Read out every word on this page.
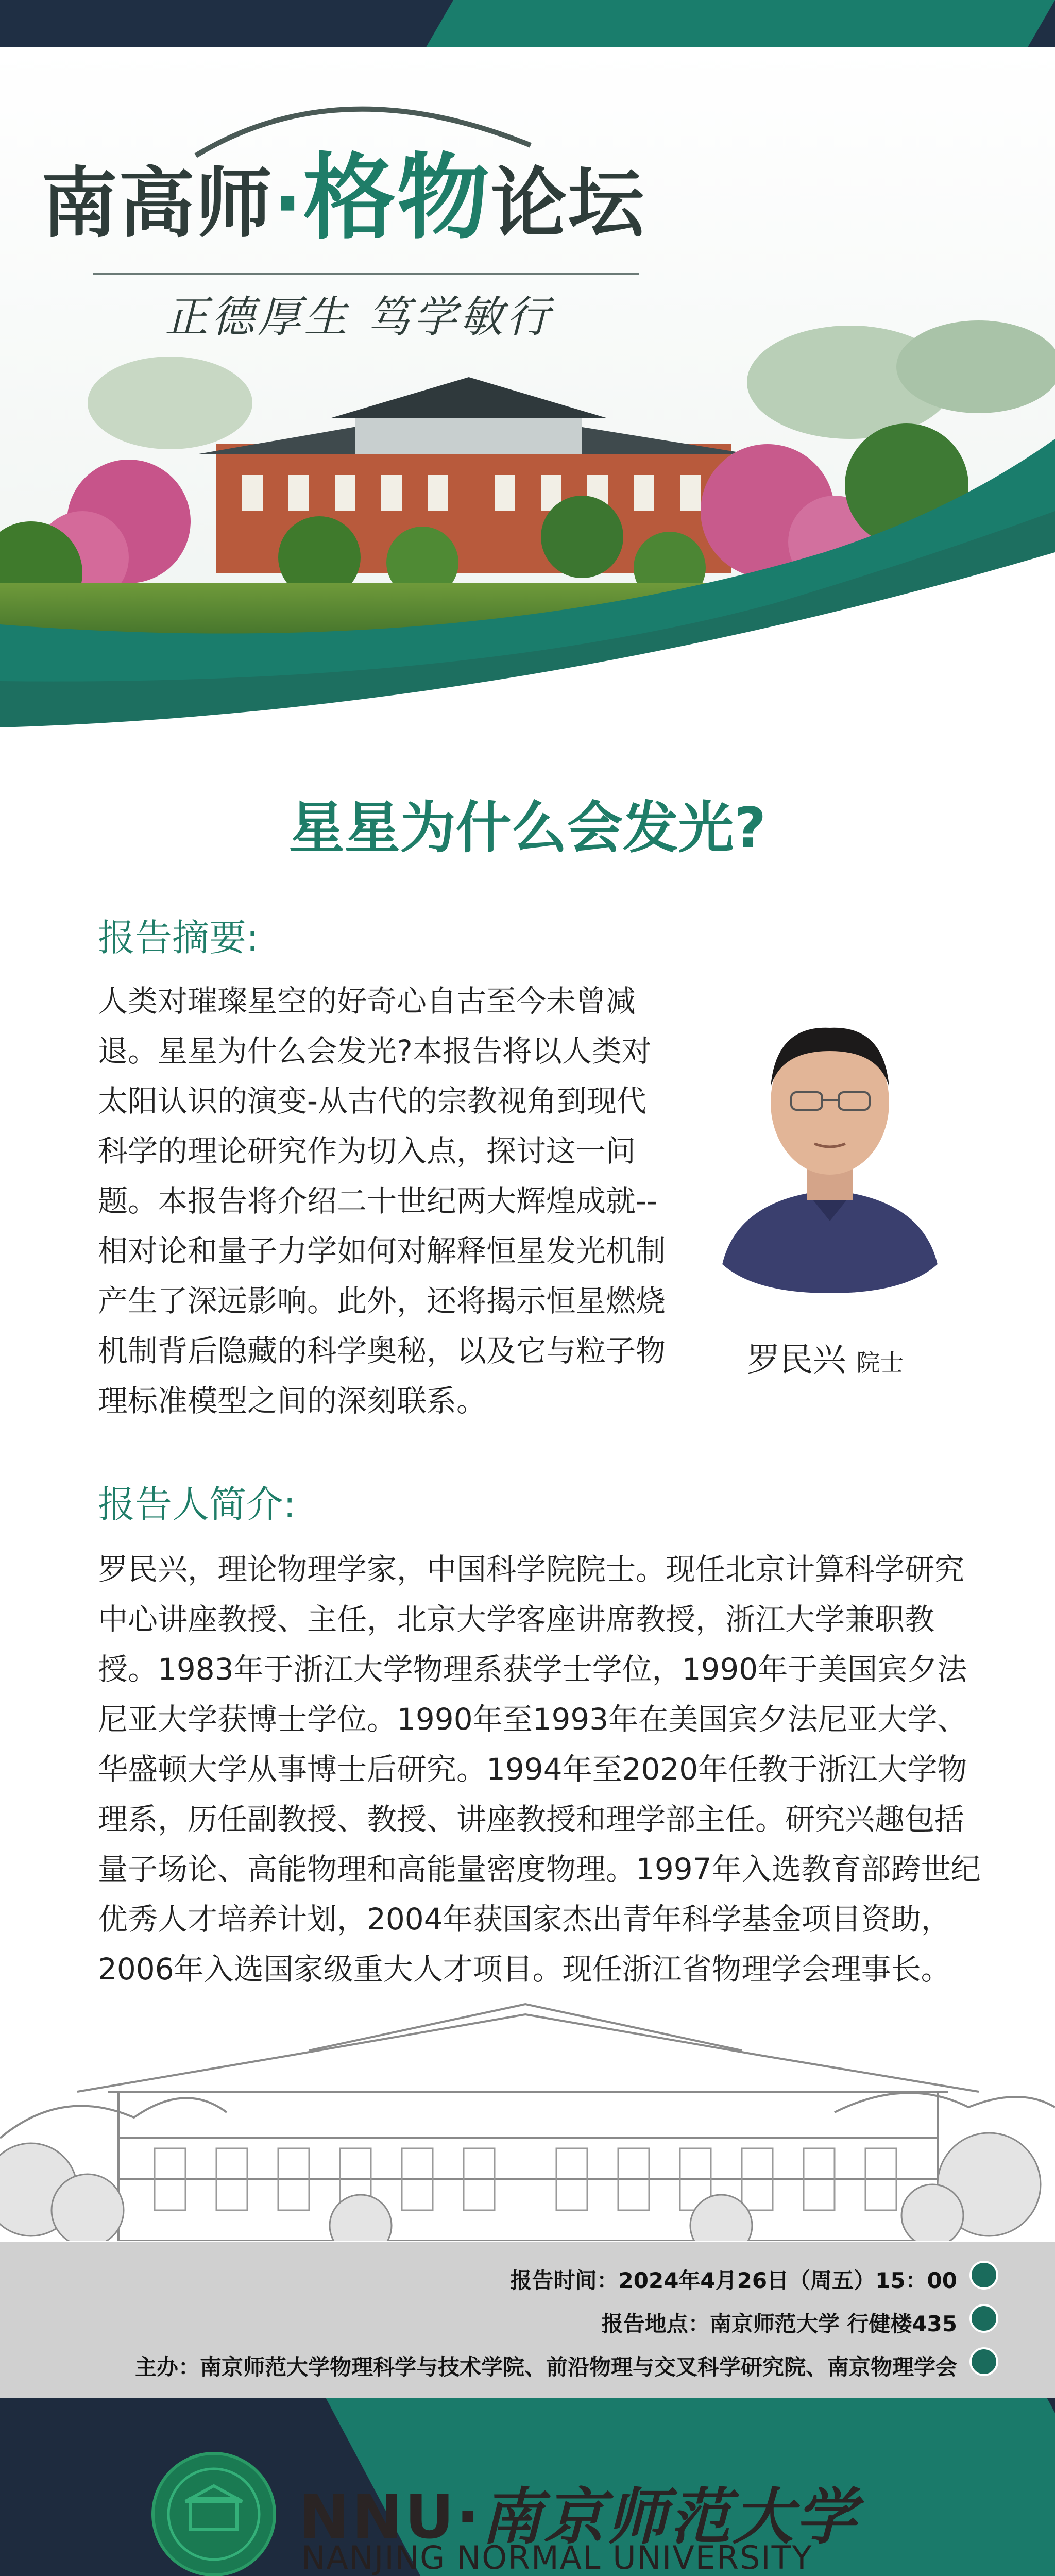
南高师·格物论坛
正德厚生 笃学敏行
星星为什么会发光?
报告摘要:
人类对璀璨星空的好奇心自古至今未曾减退。星星为什么会发光?本报告将以人类对太阳认识的演变-从古代的宗教视角到现代科学的理论研究作为切入点，探讨这一问题。本报告将介绍二十世纪两大辉煌成就--相对论和量子力学如何对解释恒星发光机制产生了深远影响。此外，还将揭示恒星燃烧机制背后隐藏的科学奥秘，以及它与粒子物理标准模型之间的深刻联系。
罗民兴 院士
报告人简介:
罗民兴，理论物理学家，中国科学院院士。现任北京计算科学研究中心讲座教授、主任，北京大学客座讲席教授，浙江大学兼职教授。1983年于浙江大学物理系获学士学位，1990年于美国宾夕法尼亚大学获博士学位。1990年至1993年在美国宾夕法尼亚大学、华盛顿大学从事博士后研究。1994年至2020年任教于浙江大学物理系，历任副教授、教授、讲座教授和理学部主任。研究兴趣包括量子场论、高能物理和高能量密度物理。1997年入选教育部跨世纪优秀人才培养计划，2004年获国家杰出青年科学基金项目资助，2006年入选国家级重大人才项目。现任浙江省物理学会理事长。
报告时间：2024年4月26日（周五）15：00
报告地点：南京师范大学 行健楼435
主办：南京师范大学物理科学与技术学院、前沿物理与交叉科学研究院、南京物理学会
NNU·南京师范大学
NANJING NORMAL UNIVERSITY
